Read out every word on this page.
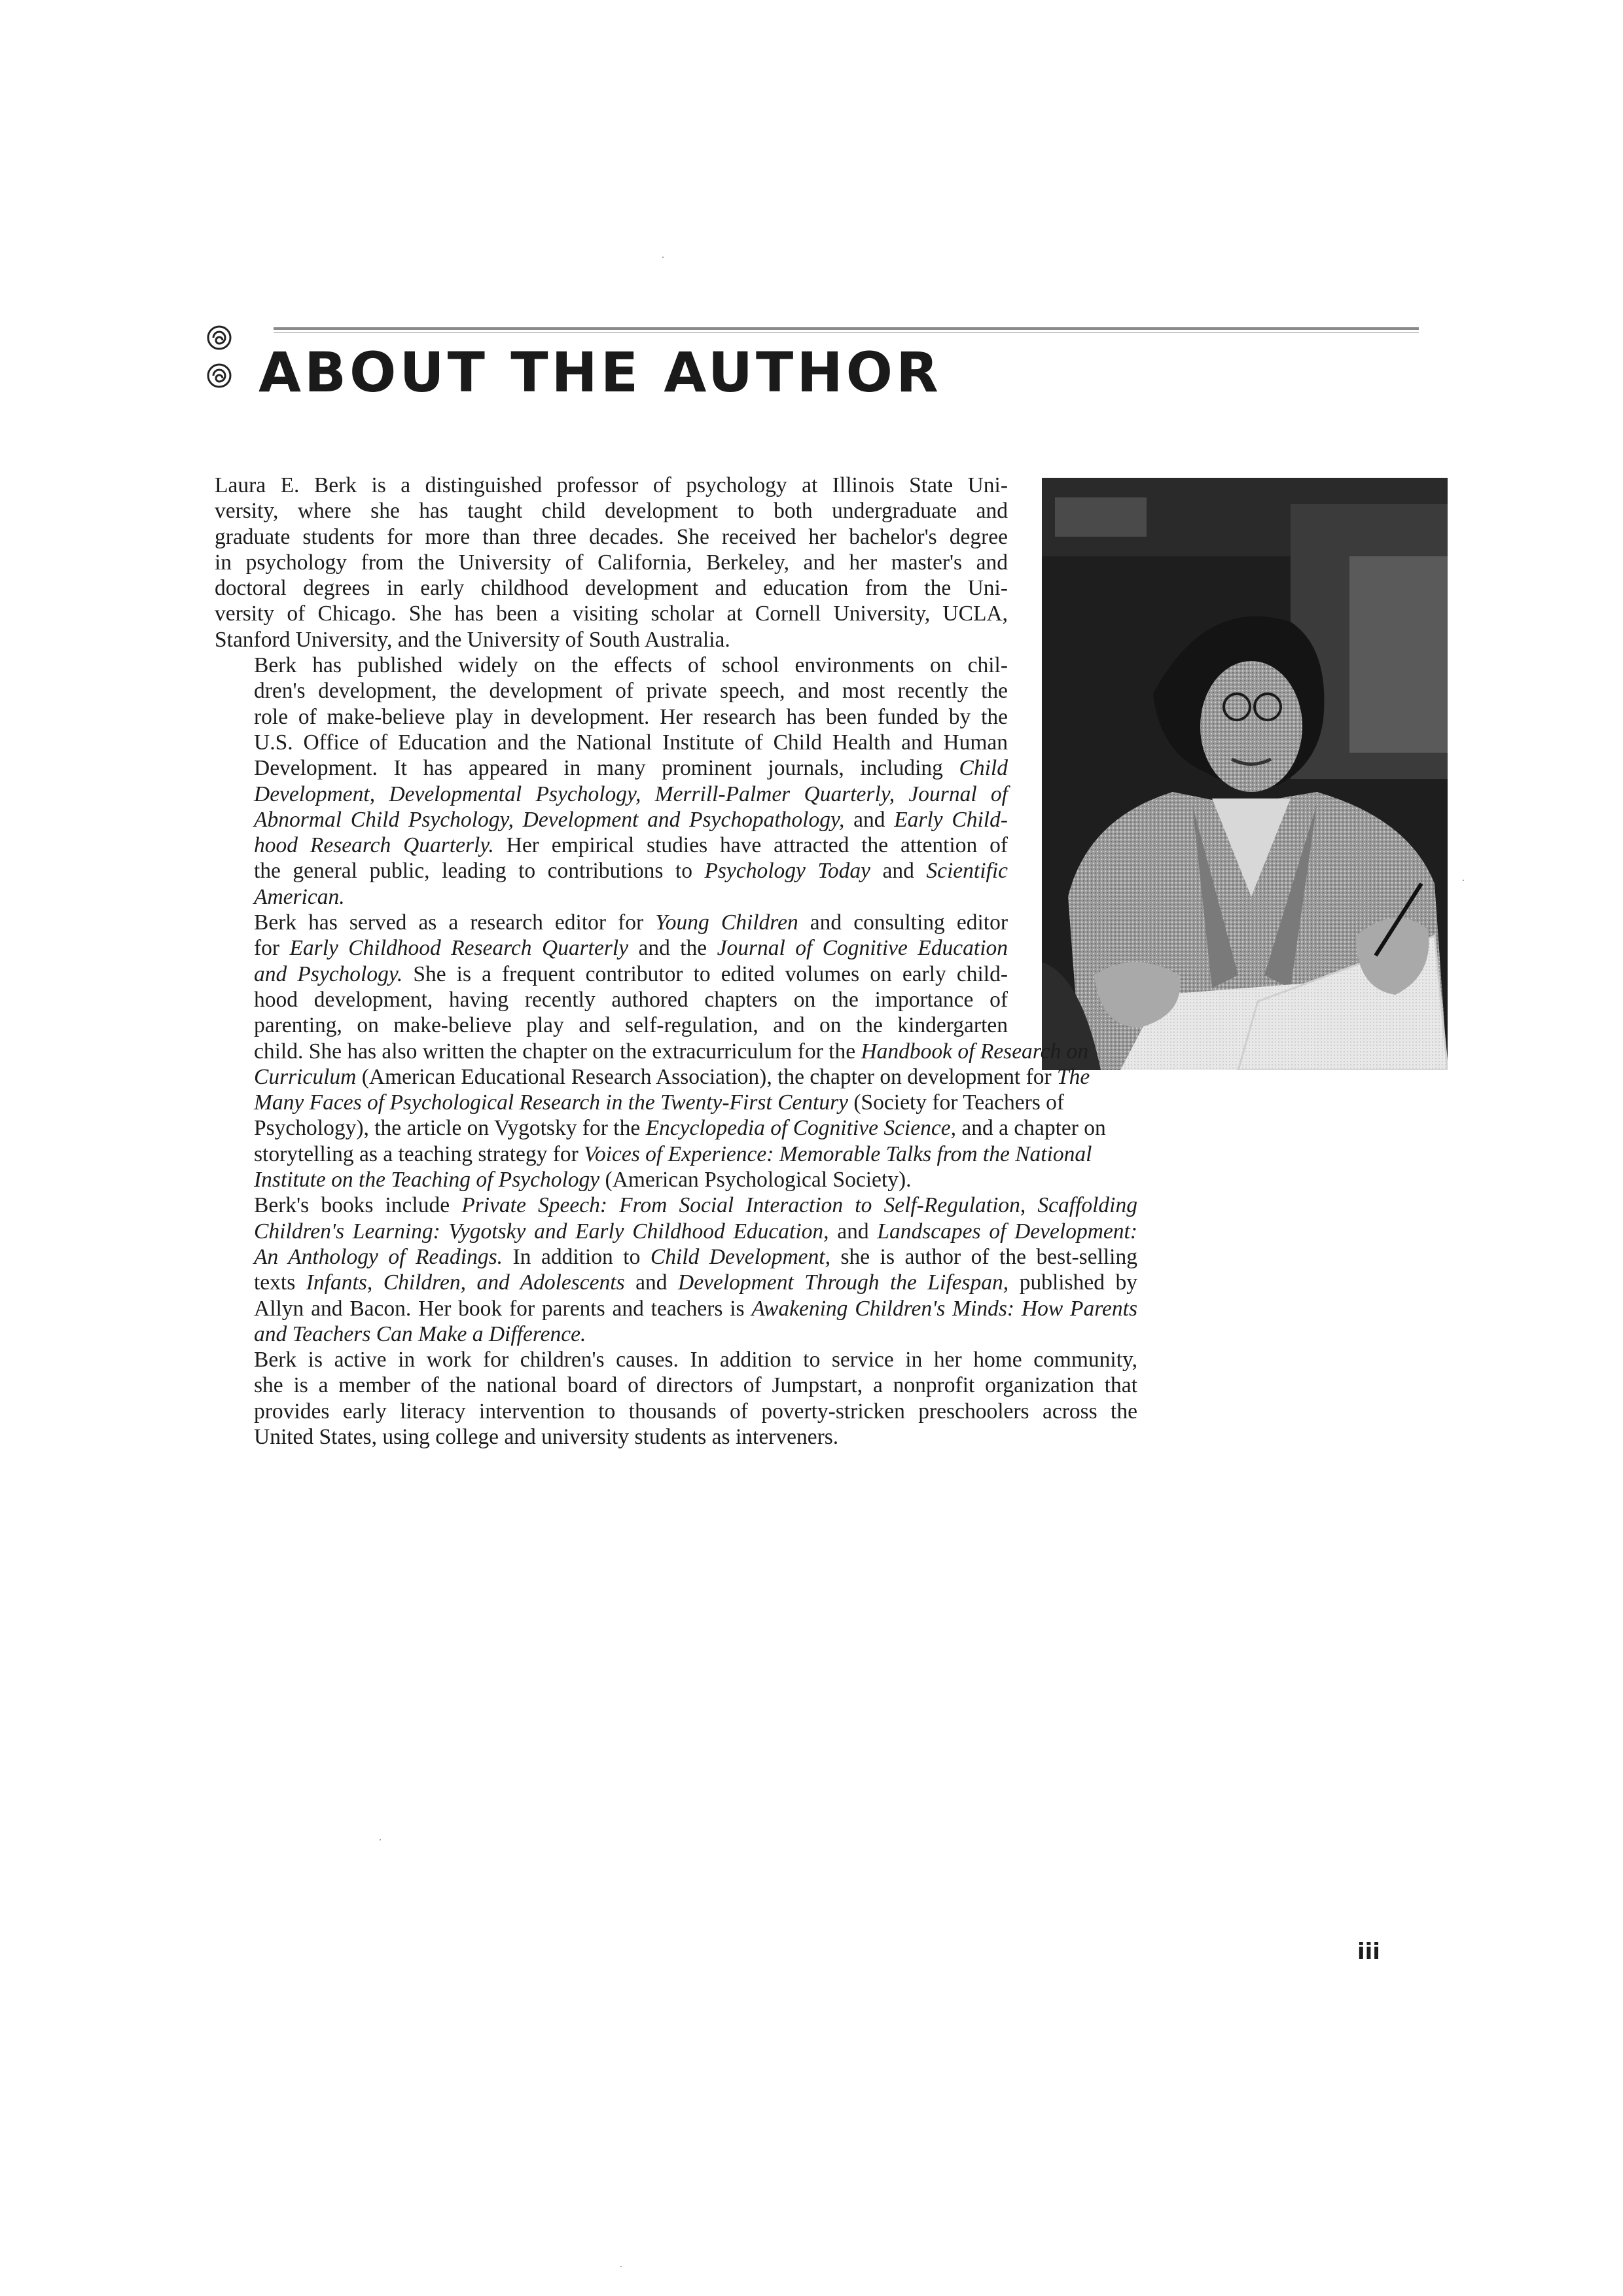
ABOUT THE AUTHOR

Laura E. Berk is a distinguished professor of psychology at Illinois State Uni-
versity, where she has taught child development to both undergraduate and
graduate students for more than three decades. She received her bachelor's degree
in psychology from the University of California, Berkeley, and her master's and
doctoral degrees in early childhood development and education from the Uni-
versity of Chicago. She has been a visiting scholar at Cornell University, UCLA,
Stanford University, and the University of South Australia.

Berk has published widely on the effects of school environments on chil-
dren's development, the development of private speech, and most recently the
role of make-believe play in development. Her research has been funded by the
U.S. Office of Education and the National Institute of Child Health and Human
Development. It has appeared in many prominent journals, including Child
Development, Developmental Psychology, Merrill-Palmer Quarterly, Journal of
Abnormal Child Psychology, Development and Psychopathology, and Early Child-
hood Research Quarterly. Her empirical studies have attracted the attention of
the general public, leading to contributions to Psychology Today and Scientific
American.

Berk has served as a research editor for Young Children and consulting editor
for Early Childhood Research Quarterly and the Journal of Cognitive Education
and Psychology. She is a frequent contributor to edited volumes on early child-
hood development, having recently authored chapters on the importance of
parenting, on make-believe play and self-regulation, and on the kindergarten
child. She has also written the chapter on the extracurriculum for the Handbook of Research on
Curriculum (American Educational Research Association), the chapter on development for The
Many Faces of Psychological Research in the Twenty-First Century (Society for Teachers of
Psychology), the article on Vygotsky for the Encyclopedia of Cognitive Science, and a chapter on
storytelling as a teaching strategy for Voices of Experience: Memorable Talks from the National
Institute on the Teaching of Psychology (American Psychological Society).

Berk's books include Private Speech: From Social Interaction to Self-Regulation, Scaffolding
Children's Learning: Vygotsky and Early Childhood Education, and Landscapes of Development:
An Anthology of Readings. In addition to Child Development, she is author of the best-selling
texts Infants, Children, and Adolescents and Development Through the Lifespan, published by
Allyn and Bacon. Her book for parents and teachers is Awakening Children's Minds: How Parents
and Teachers Can Make a Difference.

Berk is active in work for children's causes. In addition to service in her home community,
she is a member of the national board of directors of Jumpstart, a nonprofit organization that
provides early literacy intervention to thousands of poverty-stricken preschoolers across the
United States, using college and university students as interveners.

iii
